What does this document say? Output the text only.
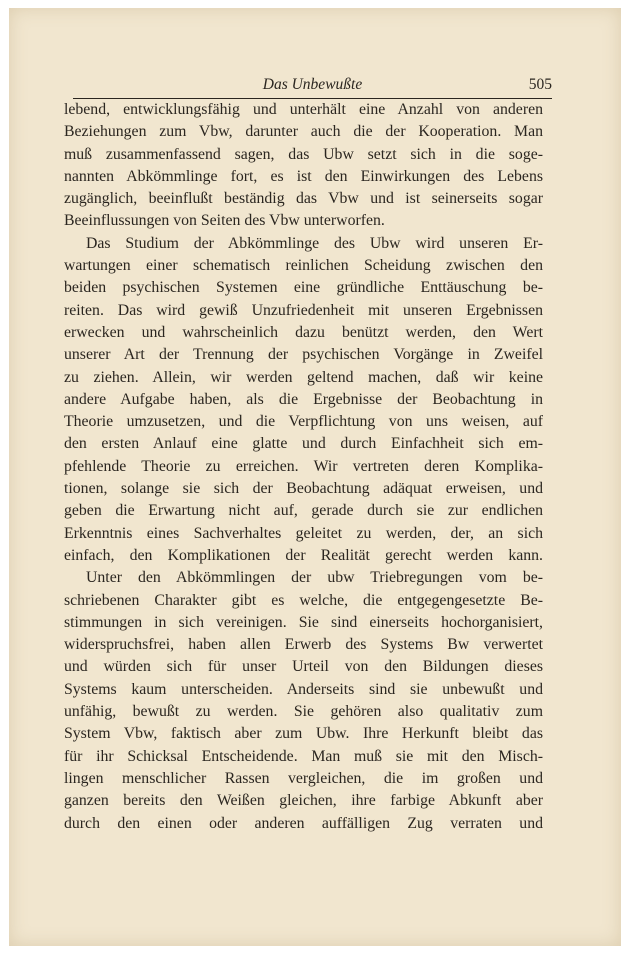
Das Unbewußte	505
lebend, entwicklungsfähig und unterhält eine Anzahl von anderen
Beziehungen zum Vbw, darunter auch die der Kooperation. Man
muß zusammenfassend sagen, das Ubw setzt sich in die soge-
nannten Abkömmlinge fort, es ist den Einwirkungen des Lebens
zugänglich, beeinflußt beständig das Vbw und ist seinerseits sogar
Beeinflussungen von Seiten des Vbw unterworfen.
Das Studium der Abkömmlinge des Ubw wird unseren Er-
wartungen einer schematisch reinlichen Scheidung zwischen den
beiden psychischen Systemen eine gründliche Enttäuschung be-
reiten. Das wird gewiß Unzufriedenheit mit unseren Ergebnissen
erwecken und wahrscheinlich dazu benützt werden, den Wert
unserer Art der Trennung der psychischen Vorgänge in Zweifel
zu ziehen. Allein, wir werden geltend machen, daß wir keine
andere Aufgabe haben, als die Ergebnisse der Beobachtung in
Theorie umzusetzen, und die Verpflichtung von uns weisen, auf
den ersten Anlauf eine glatte und durch Einfachheit sich em-
pfehlende Theorie zu erreichen. Wir vertreten deren Komplika-
tionen, solange sie sich der Beobachtung adäquat erweisen, und
geben die Erwartung nicht auf, gerade durch sie zur endlichen
Erkenntnis eines Sachverhaltes geleitet zu werden, der, an sich
einfach, den Komplikationen der Realität gerecht werden kann.
Unter den Abkömmlingen der ubw Triebregungen vom be-
schriebenen Charakter gibt es welche, die entgegengesetzte Be-
stimmungen in sich vereinigen. Sie sind einerseits hochorganisiert,
widerspruchsfrei, haben allen Erwerb des Systems Bw verwertet
und würden sich für unser Urteil von den Bildungen dieses
Systems kaum unterscheiden. Anderseits sind sie unbewußt und
unfähig, bewußt zu werden. Sie gehören also qualitativ zum
System Vbw, faktisch aber zum Ubw. Ihre Herkunft bleibt das
für ihr Schicksal Entscheidende. Man muß sie mit den Misch-
lingen menschlicher Rassen vergleichen, die im großen und
ganzen bereits den Weißen gleichen, ihre farbige Abkunft aber
durch den einen oder anderen auffälligen Zug verraten und
